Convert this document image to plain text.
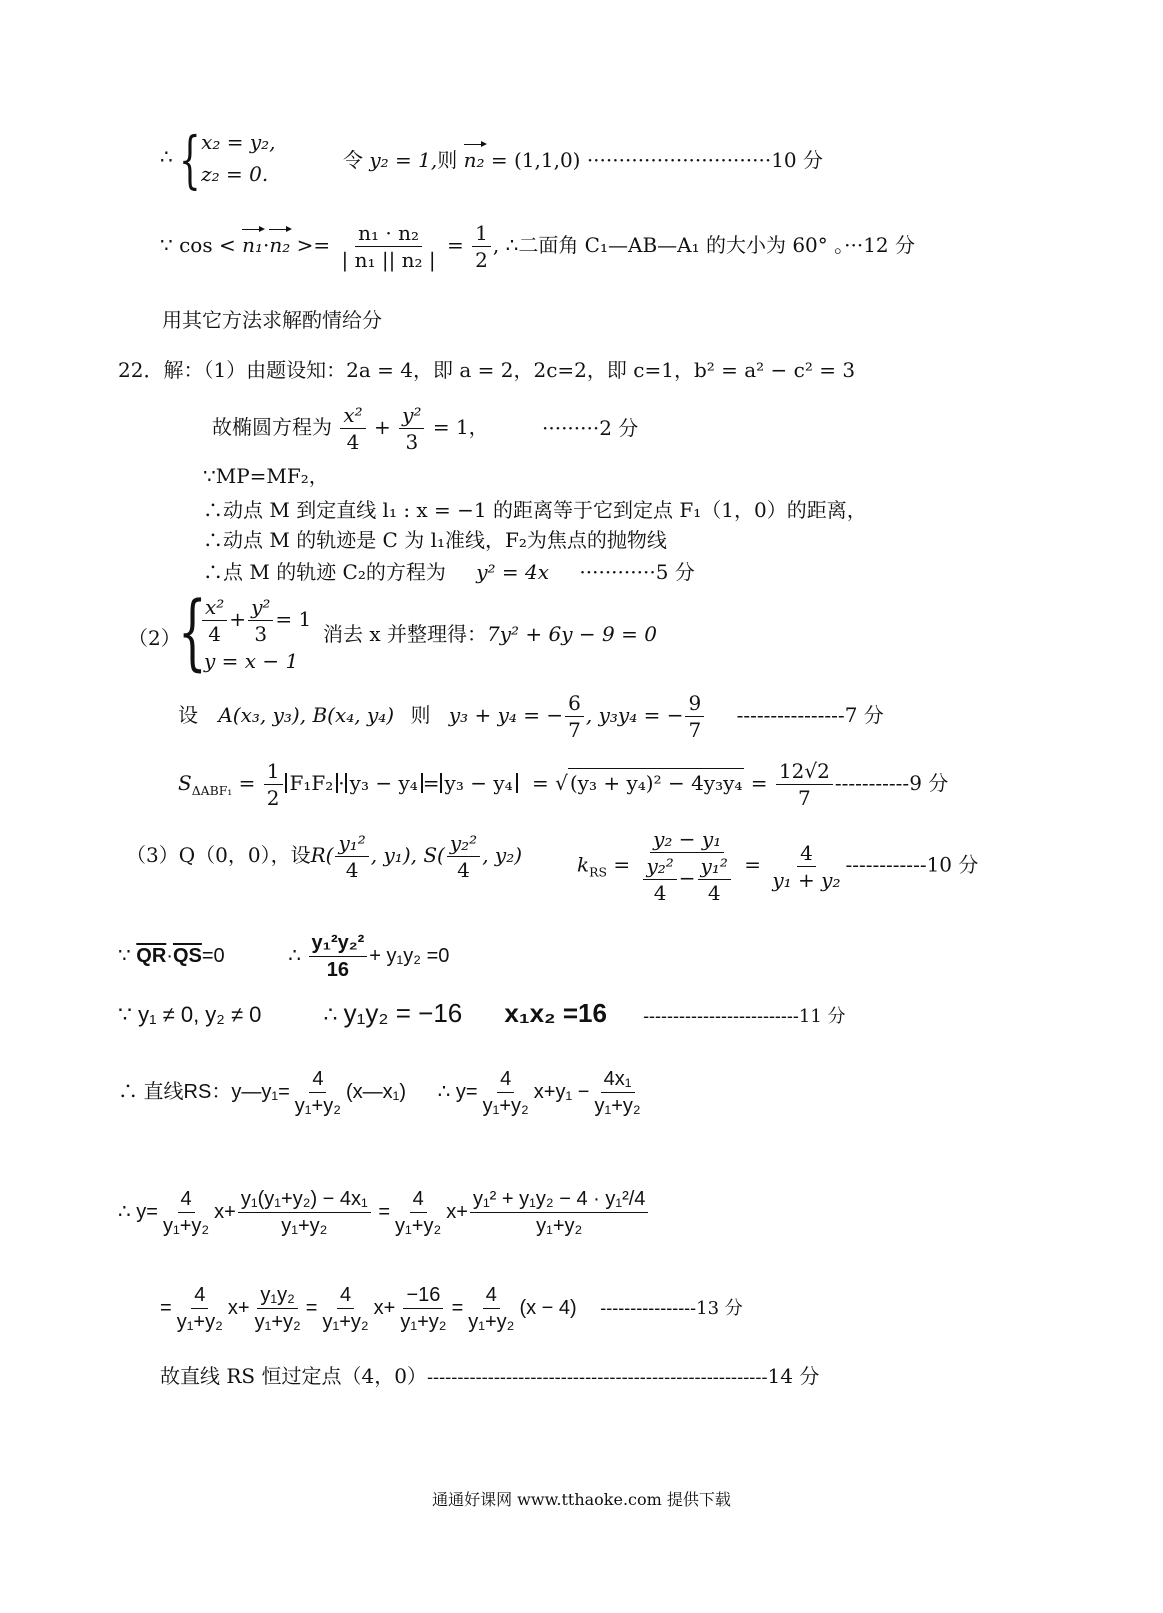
∴ { x₂ = y₂,
z₂ = 0.
令 y₂ = 1,则 n₂ = (1,1,0) ·····························10 分
∵ $\cos < n_1\cdot n_2 >= \frac{\text{n₁ · n₂}}{\text{| n₁ || n₂ |}} = \frac{1}{2}$ , ∴二面角 C₁—AB—A₁ 的大小为 60° 。···12 分
用其它方法求解酌情给分
22．解：（1）由题设知：2a = 4，即 a = 2，2c=2，即 c=1，b² = a² − c² = 3
故椭圆方程为 $\frac{\text{x²}}{4} + \frac{\text{y²}}{3} = 1$，	·········2 分
∵MP=MF₂，
∴动点 M 到定直线 l₁ : x = −1 的距离等于它到定点 F₁（1，0）的距离，
∴动点 M 的轨迹是 C 为 l₁准线，F₂为焦点的抛物线
∴点 M 的轨迹 C₂的方程为 y² = 4x ············5 分
（2）
{
$\frac{\text{x²}}{4} + \frac{\text{y²}}{3} = 1$
y = x − 1
消去 x 并整理得：7y² + 6y − 9 = 0
设 A(x₃, y₃), B(x₄, y₄) 则 y₃ + y₄ = − $\frac{6}{7}$ , y₃y₄ = − $\frac{9}{7} ----------------7$ 分
$S_{\Delta ABF_1} = \frac{1}{2} F_1F_2 \cdot y_3 - y_4 = y_3 - y_4$ = √ $(y_3 + y_4)^2 - 4y_3y_4 = \frac{12√2}{7} -----------9$ 分
（3）Q（0，0），设$R( \frac{\text{y₁²}}{4}$ , y₁), $S( \frac{\text{y₂²}}{4}$ , y₂)	$k_{RS} = \frac{\text{y₂ − y₁}}{\frac{\text{y₂²}}{4} - \frac{\text{y₁²}}{4}} = \frac{4}{\text{y₁ + y₂}} ------------10$ 分
∵ $\overline{QR}\cdot\overline{QS}=0$	∴ $\frac{\text{y₁²y₂²}}{16} + y_1y_2 =0$
∵ y₁ ≠ 0, y₂ ≠ 0	∴ y₁y₂ = −16 x₁x₂ =16 --------------------------11 分
∴ 直线RS：y—y₁= $\frac{4}{\text{y₁+y₂}}$ (x—x₁) ∴ $y= \frac{4}{\text{y₁+y₂}} x+y_1 - \frac{\text{4x₁}}{\text{y₁+y₂}}$
∴ $y= \frac{4}{\text{y₁+y₂}} x+ \frac{\text{y₁(y₁+y₂) − 4x₁}}{\text{y₁+y₂}} = \frac{4}{\text{y₁+y₂}} x+ \frac{\text{y₁² + y₁y₂ − 4 · y₁²/4}}{\text{y₁+y₂}}$
= $\frac{4}{\text{y₁+y₂}} x+ \frac{\text{y₁y₂}}{\text{y₁+y₂}} = \frac{4}{\text{y₁+y₂}} x+ \frac{-16}{\text{y₁+y₂}} = \frac{4}{\text{y₁+y₂}} (x - 4)$ ----------------13 分
故直线 RS 恒过定点（4，0）--------------------------------------------------------14 分
通通好课网 www.tthaoke.com 提供下载
